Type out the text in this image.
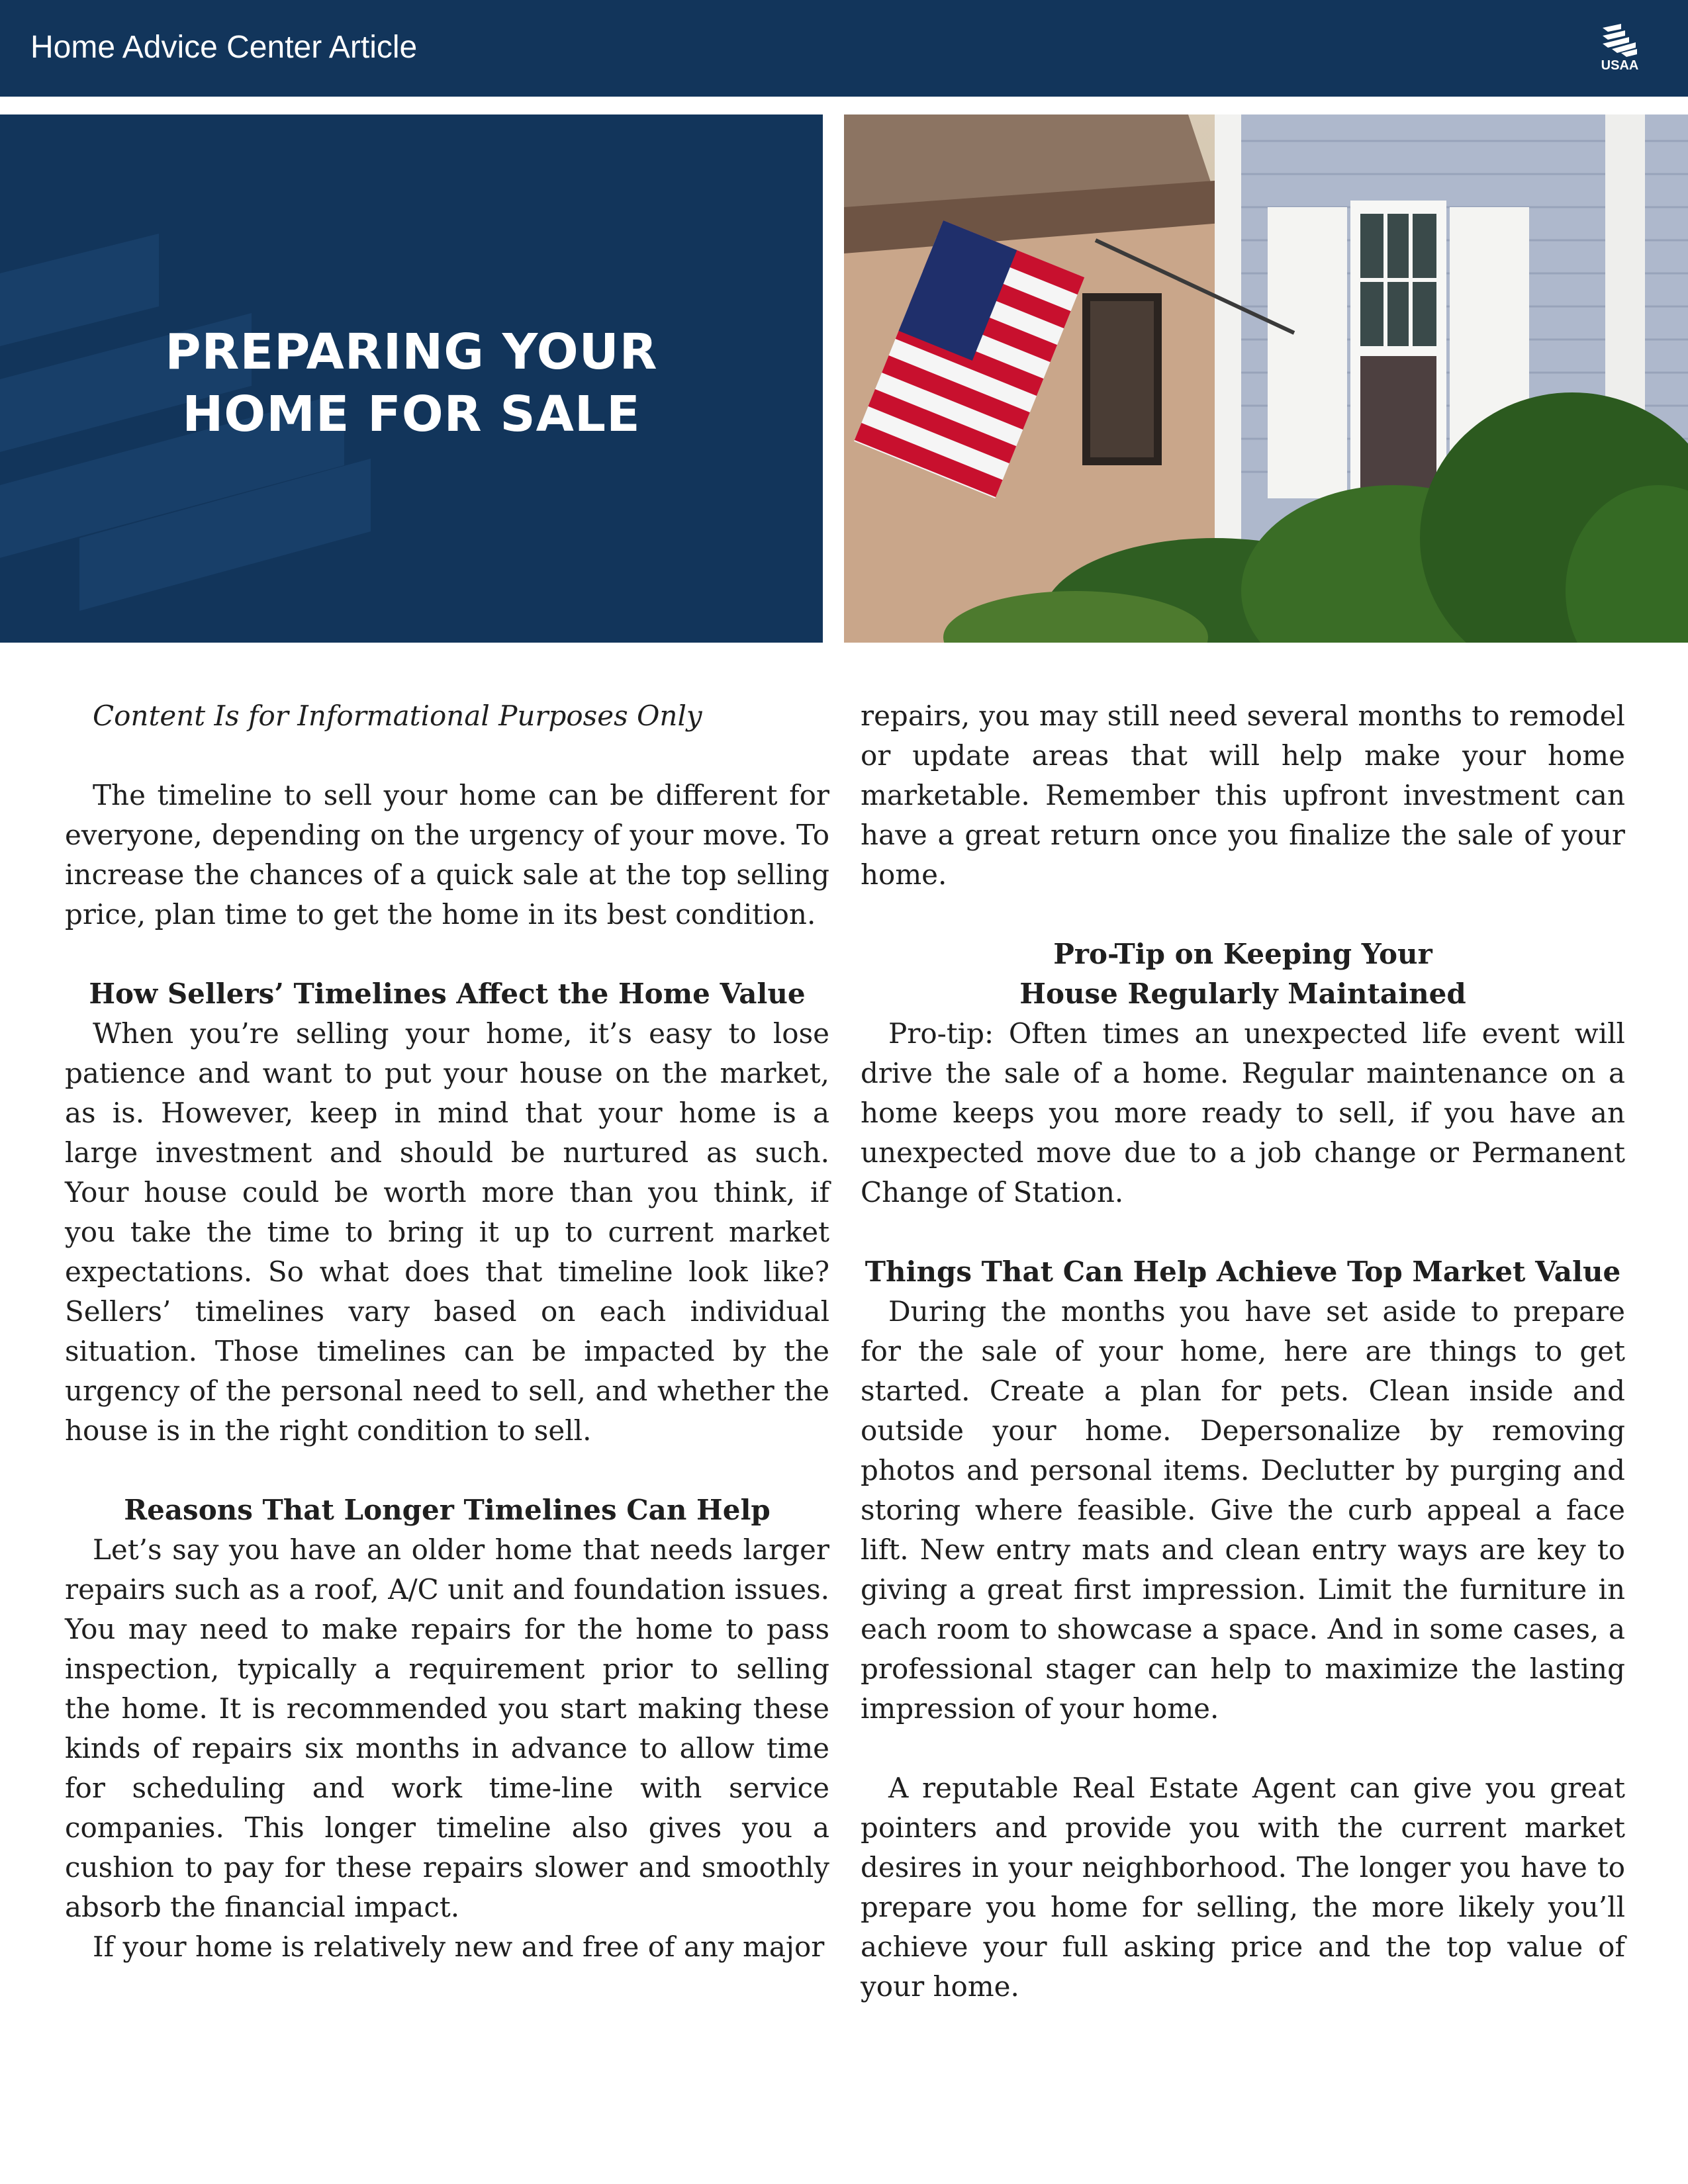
Home Advice Center Article
USAA
PREPARING YOUR
HOME FOR SALE

Content Is for Informational Purposes Only

The timeline to sell your home can be different for everyone, depending on the urgency of your move. To increase the chances of a quick sale at the top selling price, plan time to get the home in its best condition.

How Sellers’ Timelines Affect the Home Value

When you’re selling your home, it’s easy to lose patience and want to put your house on the market, as is. However, keep in mind that your home is a large investment and should be nurtured as such. Your house could be worth more than you think, if you take the time to bring it up to current market expectations. So what does that timeline look like? Sellers’ timelines vary based on each individual situation. Those timelines can be impacted by the urgency of the personal need to sell, and whether the house is in the right condition to sell.

Reasons That Longer Timelines Can Help

Let’s say you have an older home that needs larger repairs such as a roof, A/C unit and foundation issues. You may need to make repairs for the home to pass inspection, typically a requirement prior to selling the home. It is recommended you start making these kinds of repairs six months in advance to allow time for scheduling and work time-line with service companies. This longer timeline also gives you a cushion to pay for these repairs slower and smoothly absorb the financial impact.

If your home is relatively new and free of any major

repairs, you may still need several months to remodel or update areas that will help make your home marketable. Remember this upfront investment can have a great return once you finalize the sale of your home.

Pro-Tip on Keeping Your
House Regularly Maintained

Pro-tip: Often times an unexpected life event will drive the sale of a home. Regular maintenance on a home keeps you more ready to sell, if you have an unexpected move due to a job change or Permanent Change of Station.

Things That Can Help Achieve Top Market Value

During the months you have set aside to prepare for the sale of your home, here are things to get started. Create a plan for pets. Clean inside and outside your home. Depersonalize by removing photos and personal items. Declutter by purging and storing where feasible. Give the curb appeal a face lift. New entry mats and clean entry ways are key to giving a great first impression. Limit the furniture in each room to showcase a space. And in some cases, a professional stager can help to maximize the lasting impression of your home.

A reputable Real Estate Agent can give you great pointers and provide you with the current market desires in your neighborhood. The longer you have to prepare you home for selling, the more likely you’ll achieve your full asking price and the top value of your home.
